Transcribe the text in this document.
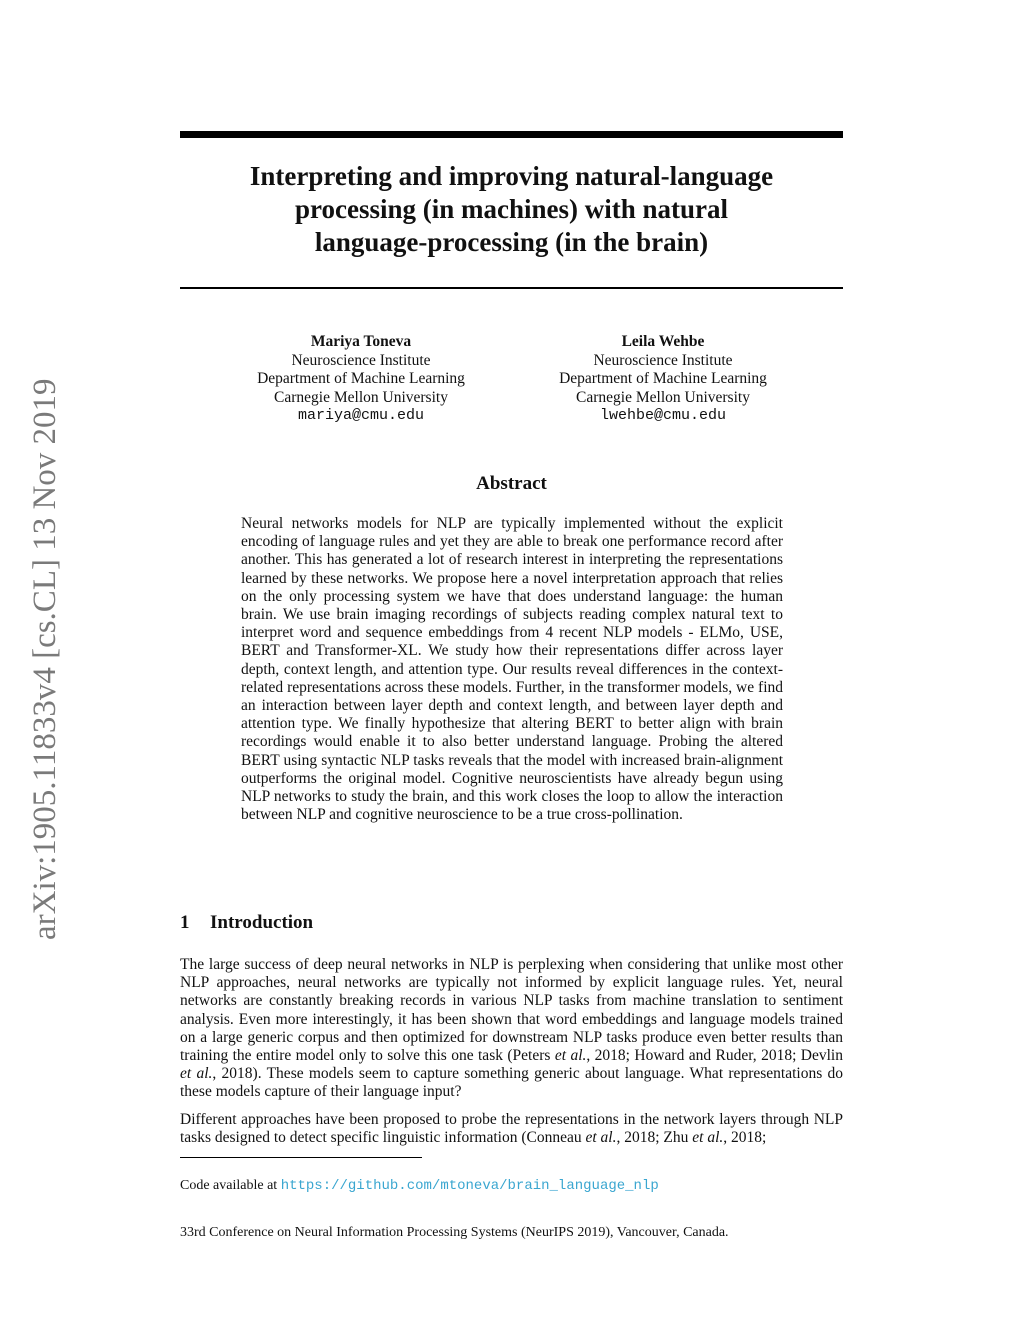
arXiv:1905.11833v4 [cs.CL] 13 Nov 2019
Interpreting and improving natural-language
processing (in machines) with natural
language-processing (in the brain)
Mariya Toneva
Neuroscience Institute
Department of Machine Learning
Carnegie Mellon University
mariya@cmu.edu
Leila Wehbe
Neuroscience Institute
Department of Machine Learning
Carnegie Mellon University
lwehbe@cmu.edu
Abstract

Neural networks models for NLP are typically implemented without the explicit encoding of language rules and yet they are able to break one performance record after another. This has generated a lot of research interest in interpreting the representations learned by these networks. We propose here a novel interpretation approach that relies on the only processing system we have that does understand language: the human brain. We use brain imaging recordings of subjects reading complex natural text to interpret word and sequence embeddings from 4 recent NLP models - ELMo, USE, BERT and Transformer-XL. We study how their representations differ across layer depth, context length, and attention type. Our results reveal differences in the context-related representations across these models. Further, in the transformer models, we find an interaction between layer depth and context length, and between layer depth and attention type. We finally hypothesize that altering BERT to better align with brain recordings would enable it to also better understand language. Probing the altered BERT using syntactic NLP tasks reveals that the model with increased brain-alignment outperforms the original model. Cognitive neuroscientists have already begun using NLP networks to study the brain, and this work closes the loop to allow the interaction between NLP and cognitive neuroscience to be a true cross-pollination.

1 Introduction

The large success of deep neural networks in NLP is perplexing when considering that unlike most other NLP approaches, neural networks are typically not informed by explicit language rules. Yet, neural networks are constantly breaking records in various NLP tasks from machine translation to sentiment analysis. Even more interestingly, it has been shown that word embeddings and language models trained on a large generic corpus and then optimized for downstream NLP tasks produce even better results than training the entire model only to solve this one task (Peters et al., 2018; Howard and Ruder, 2018; Devlin et al., 2018). These models seem to capture something generic about language. What representations do these models capture of their language input?

Different approaches have been proposed to probe the representations in the network layers through NLP tasks designed to detect specific linguistic information (Conneau et al., 2018; Zhu et al., 2018;

Code available at https://github.com/mtoneva/brain_language_nlp
33rd Conference on Neural Information Processing Systems (NeurIPS 2019), Vancouver, Canada.
